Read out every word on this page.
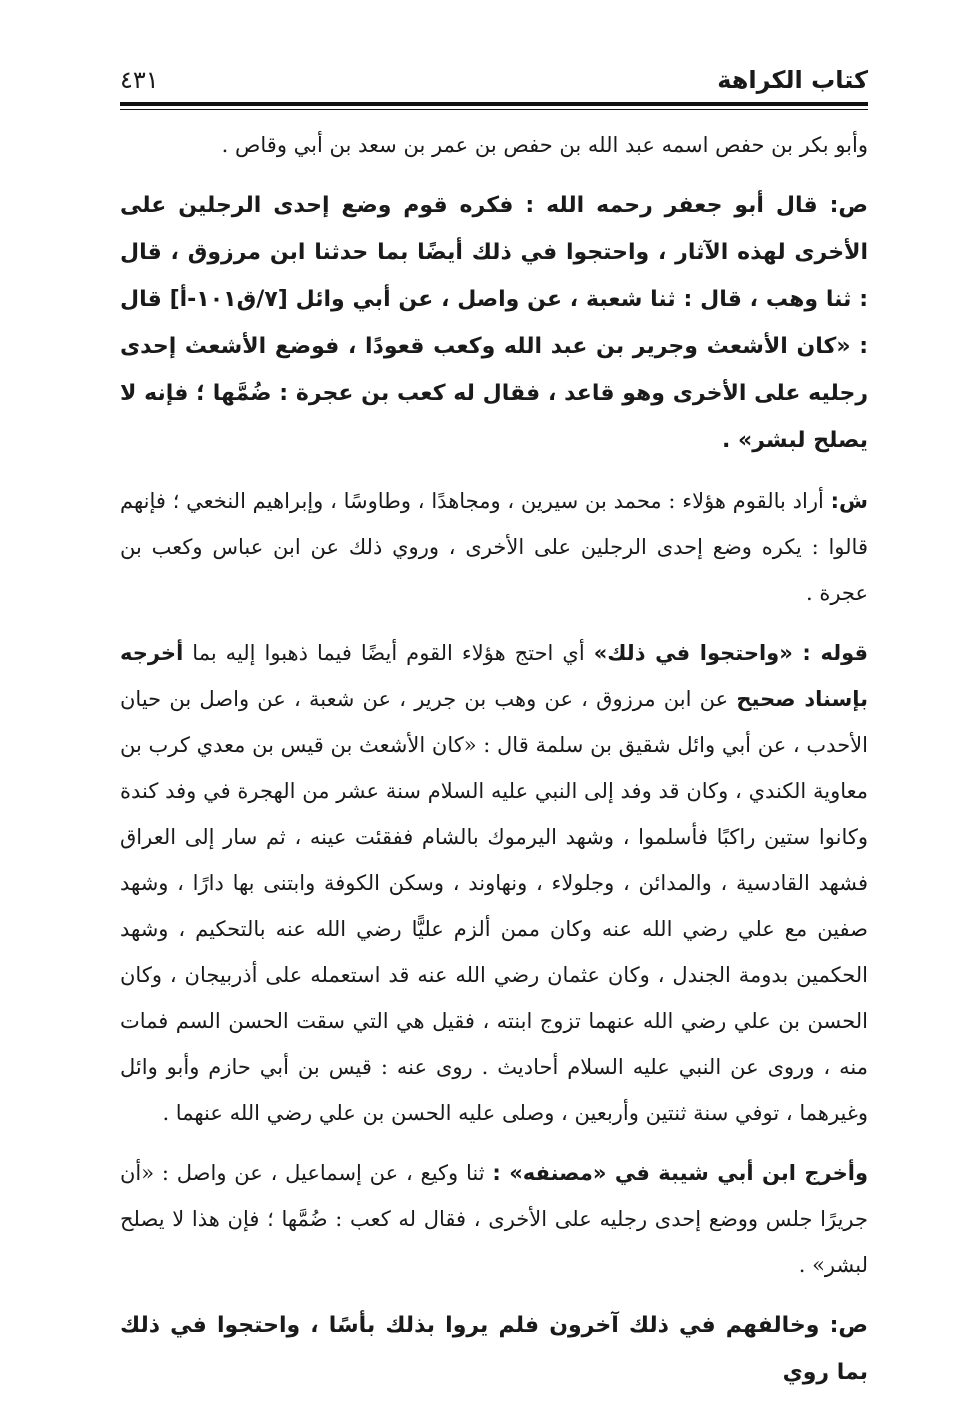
كتاب الكراهة
٤٣١

وأبو بكر بن حفص اسمه عبد الله بن حفص بن عمر بن سعد بن أبي وقاص .

ص: قال أبو جعفر رحمه الله : فكره قوم وضع إحدى الرجلين على الأخرى لهذه الآثار ، واحتجوا في ذلك أيضًا بما حدثنا ابن مرزوق ، قال : ثنا وهب ، قال : ثنا شعبة ، عن واصل ، عن أبي وائل [٧/ق١٠١-أ] قال : «كان الأشعث وجرير بن عبد الله وكعب قعودًا ، فوضع الأشعث إحدى رجليه على الأخرى وهو قاعد ، فقال له كعب بن عجرة : ضُمَّها ؛ فإنه لا يصلح لبشر» .

ش: أراد بالقوم هؤلاء : محمد بن سيرين ، ومجاهدًا ، وطاوسًا ، وإبراهيم النخعي ؛ فإنهم قالوا : يكره وضع إحدى الرجلين على الأخرى ، وروي ذلك عن ابن عباس وكعب بن عجرة .

قوله : «واحتجوا في ذلك» أي احتج هؤلاء القوم أيضًا فيما ذهبوا إليه بما أخرجه بإسناد صحيح عن ابن مرزوق ، عن وهب بن جرير ، عن شعبة ، عن واصل بن حيان الأحدب ، عن أبي وائل شقيق بن سلمة قال : «كان الأشعث بن قيس بن معدي كرب بن معاوية الكندي ، وكان قد وفد إلى النبي عليه السلام سنة عشر من الهجرة في وفد كندة وكانوا ستين راكبًا فأسلموا ، وشهد اليرموك بالشام ففقئت عينه ، ثم سار إلى العراق فشهد القادسية ، والمدائن ، وجلولاء ، ونهاوند ، وسكن الكوفة وابتنى بها دارًا ، وشهد صفين مع علي رضي الله عنه وكان ممن ألزم عليًّا رضي الله عنه بالتحكيم ، وشهد الحكمين بدومة الجندل ، وكان عثمان رضي الله عنه قد استعمله على أذربيجان ، وكان الحسن بن علي رضي الله عنهما تزوج ابنته ، فقيل هي التي سقت الحسن السم فمات منه ، وروى عن النبي عليه السلام أحاديث . روى عنه : قيس بن أبي حازم وأبو وائل وغيرهما ، توفي سنة ثنتين وأربعين ، وصلى عليه الحسن بن علي رضي الله عنهما .

وأخرج ابن أبي شيبة في «مصنفه» : ثنا وكيع ، عن إسماعيل ، عن واصل : «أن جريرًا جلس ووضع إحدى رجليه على الأخرى ، فقال له كعب : ضُمَّها ؛ فإن هذا لا يصلح لبشر» .

ص: وخالفهم في ذلك آخرون فلم يروا بذلك بأسًا ، واحتجوا في ذلك بما روي
